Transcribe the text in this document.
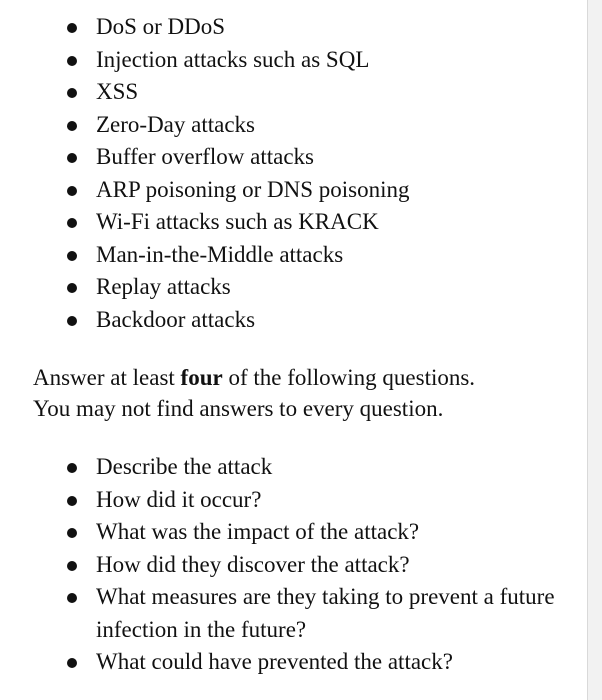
DoS or DDoS
Injection attacks such as SQL
XSS
Zero-Day attacks
Buffer overflow attacks
ARP poisoning or DNS poisoning
Wi-Fi attacks such as KRACK
Man-in-the-Middle attacks
Replay attacks
Backdoor attacks

Answer at least four of the following questions.
You may not find answers to every question.

Describe the attack
How did it occur?
What was the impact of the attack?
How did they discover the attack?
What measures are they taking to prevent a future infection in the future?
What could have prevented the attack?
